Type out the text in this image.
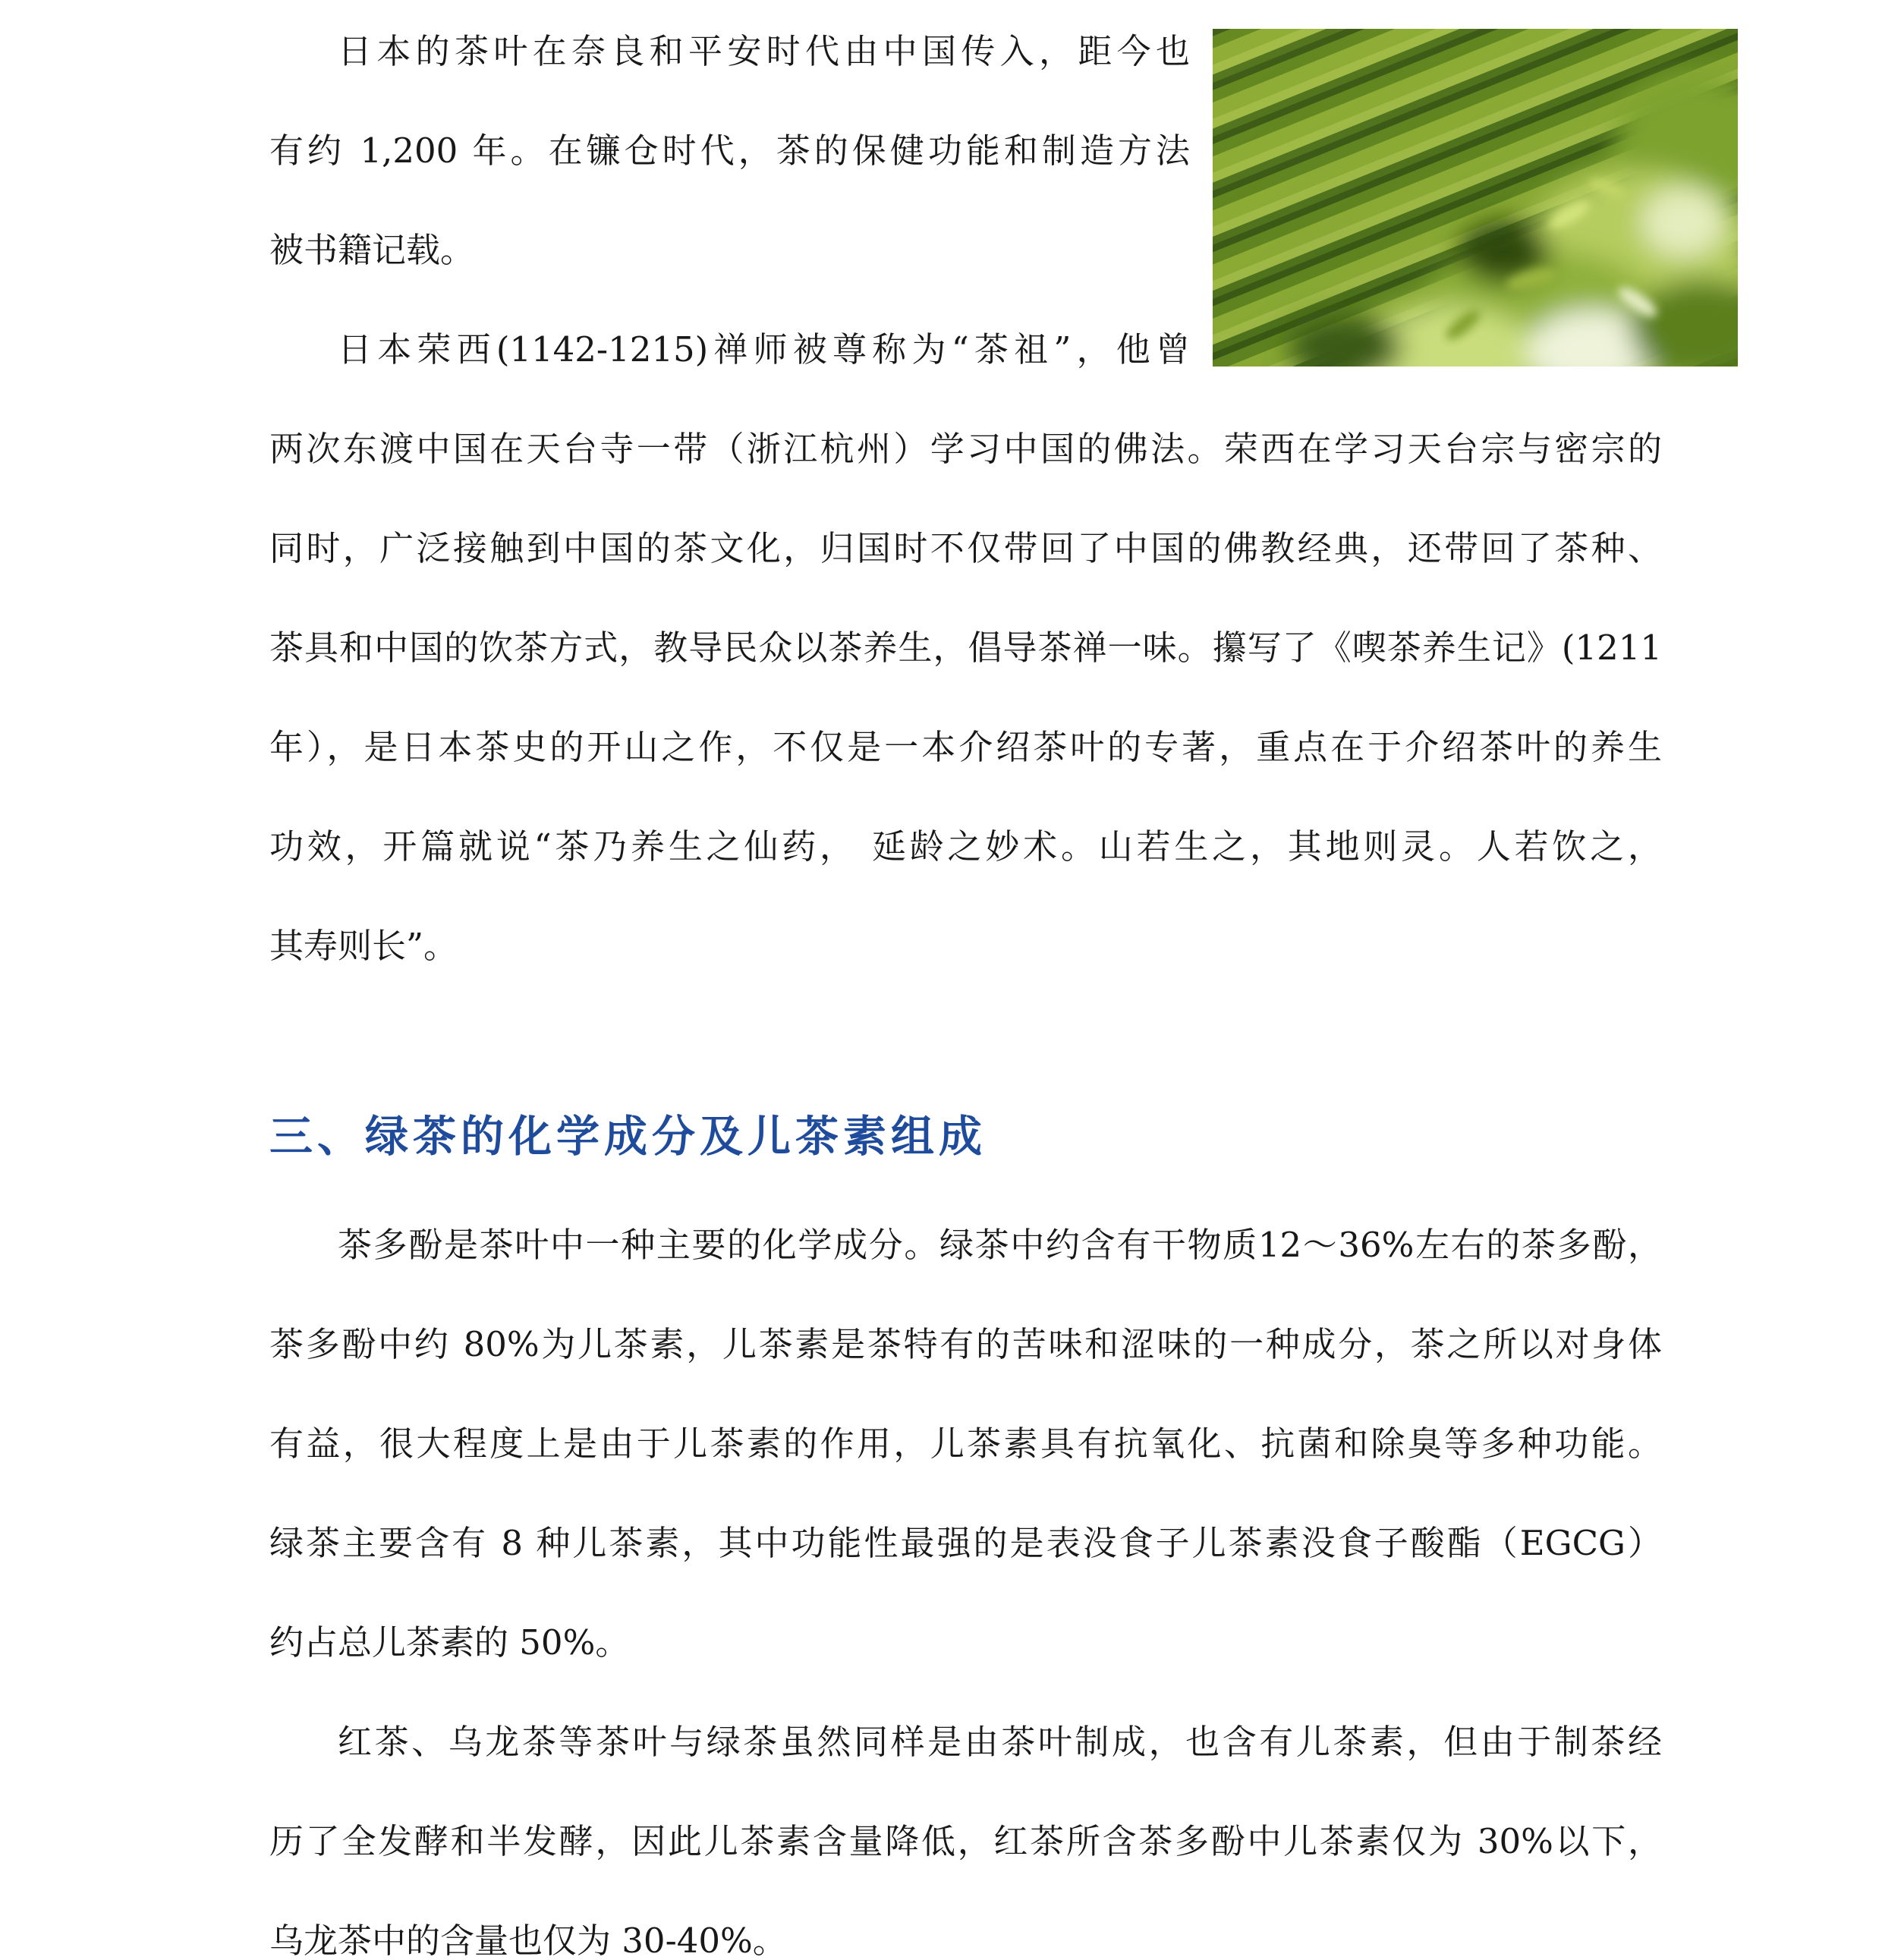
日本的茶叶在奈良和平安时代由中国传入，距今也
有约 1,200 年。在镰仓时代，茶的保健功能和制造方法
被书籍记载。
日本荣西(1142-1215)禅师被尊称为“茶祖”，他曾
两次东渡中国在天台寺一带（浙江杭州）学习中国的佛法。荣西在学习天台宗与密宗的
同时，广泛接触到中国的茶文化，归国时不仅带回了中国的佛教经典，还带回了茶种、
茶具和中国的饮茶方式，教导民众以茶养生，倡导茶禅一味。攥写了《喫茶养生记》(1211
年），是日本茶史的开山之作，不仅是一本介绍茶叶的专著，重点在于介绍茶叶的养生
功效，开篇就说“茶乃养生之仙药， 延龄之妙术。山若生之，其地则灵。人若饮之，
其寿则长”。
三、绿茶的化学成分及儿茶素组成
茶多酚是茶叶中一种主要的化学成分。绿茶中约含有干物质12～36%左右的茶多酚，
茶多酚中约 80%为儿茶素，儿茶素是茶特有的苦味和涩味的一种成分，茶之所以对身体
有益，很大程度上是由于儿茶素的作用，儿茶素具有抗氧化、抗菌和除臭等多种功能。
绿茶主要含有 8 种儿茶素，其中功能性最强的是表没食子儿茶素没食子酸酯（EGCG）
约占总儿茶素的 50%。
红茶、乌龙茶等茶叶与绿茶虽然同样是由茶叶制成，也含有儿茶素，但由于制茶经
历了全发酵和半发酵，因此儿茶素含量降低，红茶所含茶多酚中儿茶素仅为 30%以下，
乌龙茶中的含量也仅为 30-40%。
